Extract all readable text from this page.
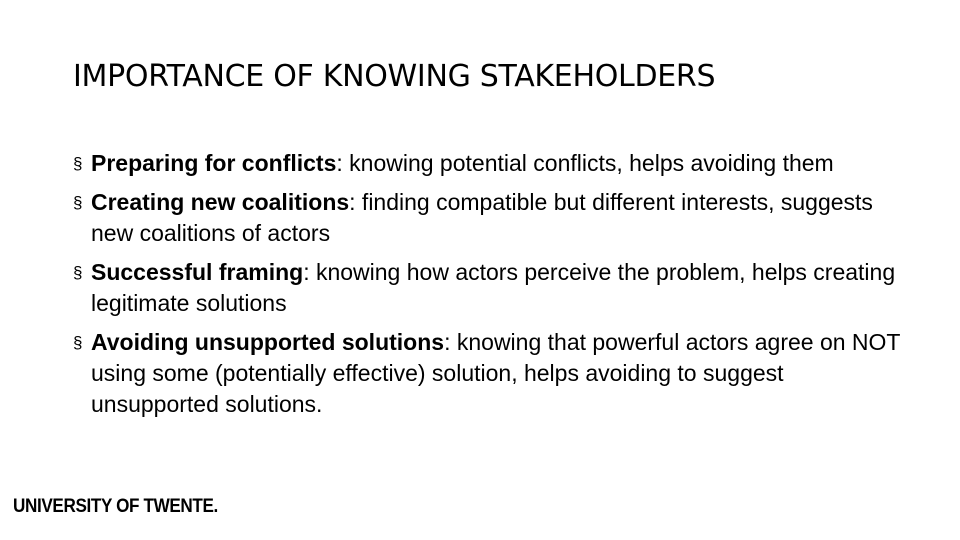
IMPORTANCE OF KNOWING STAKEHOLDERS
§ Preparing for conflicts: knowing potential conflicts, helps avoiding them
§ Creating new coalitions: finding compatible but different interests, suggests new coalitions of actors
§ Successful framing: knowing how actors perceive the problem, helps creating legitimate solutions
§ Avoiding unsupported solutions: knowing that powerful actors agree on NOT using some (potentially effective) solution, helps avoiding to suggest unsupported solutions.
UNIVERSITY OF TWENTE.
